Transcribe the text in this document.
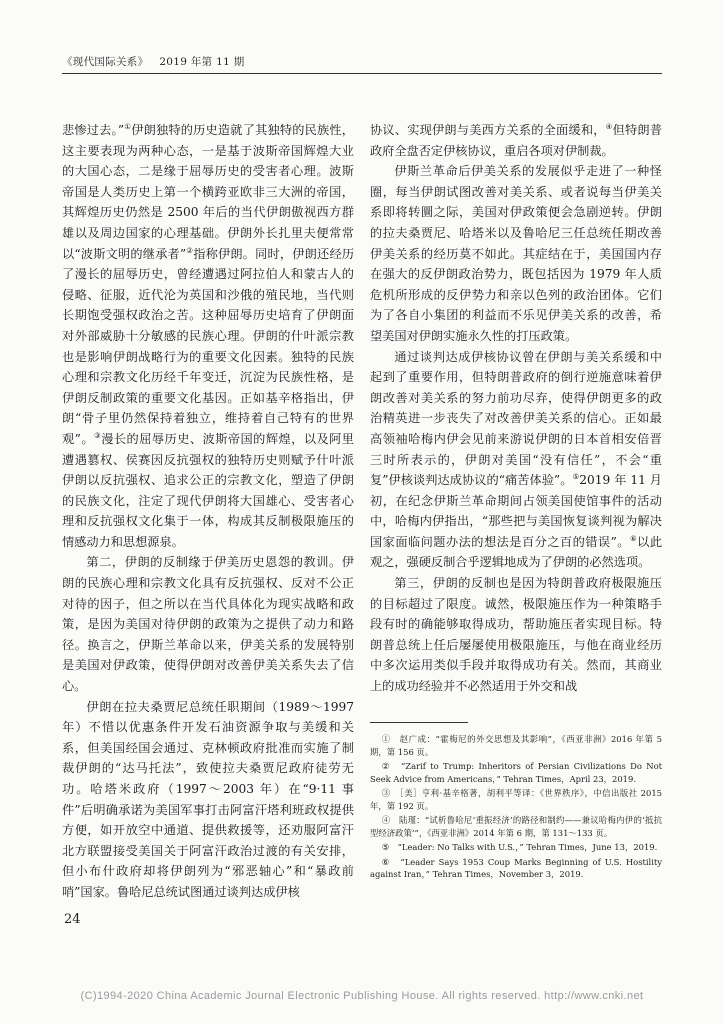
《现代国际关系》 2019 年第 11 期

悲惨过去。”①伊朗独特的历史造就了其独特的民族性，这主要表现为两种心态，一是基于波斯帝国辉煌大业的大国心态，二是缘于屈辱历史的受害者心理。波斯帝国是人类历史上第一个横跨亚欧非三大洲的帝国，其辉煌历史仍然是 2500 年后的当代伊朗傲视西方群雄以及周边国家的心理基础。伊朗外长扎里夫便常常以“波斯文明的继承者”②指称伊朗。同时，伊朗还经历了漫长的屈辱历史，曾经遭遇过阿拉伯人和蒙古人的侵略、征服，近代沦为英国和沙俄的殖民地，当代则长期饱受强权政治之苦。这种屈辱历史培育了伊朗面对外部威胁十分敏感的民族心理。伊朗的什叶派宗教也是影响伊朗战略行为的重要文化因素。独特的民族心理和宗教文化历经千年变迁，沉淀为民族性格，是伊朗反制政策的重要文化基因。正如基辛格指出，伊朗“骨子里仍然保持着独立，维持着自己特有的世界观”。③漫长的屈辱历史、波斯帝国的辉煌，以及阿里遭遇篡权、侯赛因反抗强权的独特历史则赋予什叶派伊朗以反抗强权、追求公正的宗教文化，塑造了伊朗的民族文化，注定了现代伊朗将大国雄心、受害者心理和反抗强权文化集于一体，构成其反制极限施压的情感动力和思想源泉。

第二，伊朗的反制缘于伊美历史恩怨的教训。伊朗的民族心理和宗教文化具有反抗强权、反对不公正对待的因子，但之所以在当代具体化为现实战略和政策，是因为美国对待伊朗的政策为之提供了动力和路径。换言之，伊斯兰革命以来，伊美关系的发展特别是美国对伊政策，使得伊朗对改善伊美关系失去了信心。

伊朗在拉夫桑贾尼总统任职期间（1989～1997 年）不惜以优惠条件开发石油资源争取与美缓和关系，但美国经国会通过、克林顿政府批准而实施了制裁伊朗的“达马托法”，致使拉夫桑贾尼政府徒劳无功。哈塔米政府（1997～2003 年）在“9·11 事件”后明确承诺为美国军事打击阿富汗塔利班政权提供方便，如开放空中通道、提供救援等，还劝服阿富汗北方联盟接受美国关于阿富汗政治过渡的有关安排，但小布什政府却将伊朗列为“邪恶轴心”和“暴政前哨”国家。鲁哈尼总统试图通过谈判达成伊核

协议、实现伊朗与美西方关系的全面缓和，④但特朗普政府全盘否定伊核协议，重启各项对伊制裁。

伊斯兰革命后伊美关系的发展似乎走进了一种怪圈，每当伊朗试图改善对美关系、或者说每当伊美关系即将转圜之际，美国对伊政策便会急剧逆转。伊朗的拉夫桑贾尼、哈塔米以及鲁哈尼三任总统任期改善伊美关系的经历莫不如此。其症结在于，美国国内存在强大的反伊朗政治势力，既包括因为 1979 年人质危机所形成的反伊势力和亲以色列的政治团体。它们为了各自小集团的利益而不乐见伊美关系的改善，希望美国对伊朗实施永久性的打压政策。

通过谈判达成伊核协议曾在伊朗与美关系缓和中起到了重要作用，但特朗普政府的倒行逆施意味着伊朗改善对美关系的努力前功尽弃，使得伊朗更多的政治精英进一步丧失了对改善伊美关系的信心。正如最高领袖哈梅内伊会见前来游说伊朗的日本首相安倍晋三时所表示的，伊朗对美国“没有信任”，不会“重复”伊核谈判达成协议的“痛苦体验”。⑤2019 年 11 月初，在纪念伊斯兰革命期间占领美国使馆事件的活动中，哈梅内伊指出，“那些把与美国恢复谈判视为解决国家面临问题办法的想法是百分之百的错误”。⑥以此观之，强硬反制合乎逻辑地成为了伊朗的必然选项。

第三，伊朗的反制也是因为特朗普政府极限施压的目标超过了限度。诚然，极限施压作为一种策略手段有时的确能够取得成功，帮助施压者实现目标。特朗普总统上任后屡屡使用极限施压，与他在商业经历中多次运用类似手段并取得成功有关。然而，其商业上的成功经验并不必然适用于外交和战

①　赵广成：“霍梅尼的外交思想及其影响”，《西亚非洲》2016 年第 5 期，第 156 页。
②　“Zarif to Trump: Inheritors of Persian Civilizations Do Not Seek Advice from Americans，” Tehran Times，April 23，2019.
③　［美］亨利·基辛格著，胡利平等译：《世界秩序》，中信出版社 2015 年，第 192 页。
④　陆瑾：“试析鲁哈尼‘重振经济’的路径和制约——兼议哈梅内伊的‘抵抗型经济政策’”，《西亚非洲》2014 年第 6 期，第 131～133 页。
⑤　“Leader: No Talks with U.S.，” Tehran Times，June 13，2019.
⑥　“Leader Says 1953 Coup Marks Beginning of U.S. Hostility against Iran，” Tehran Times，November 3，2019.
24
(C)1994-2020 China Academic Journal Electronic Publishing House. All rights reserved. http://www.cnki.net
